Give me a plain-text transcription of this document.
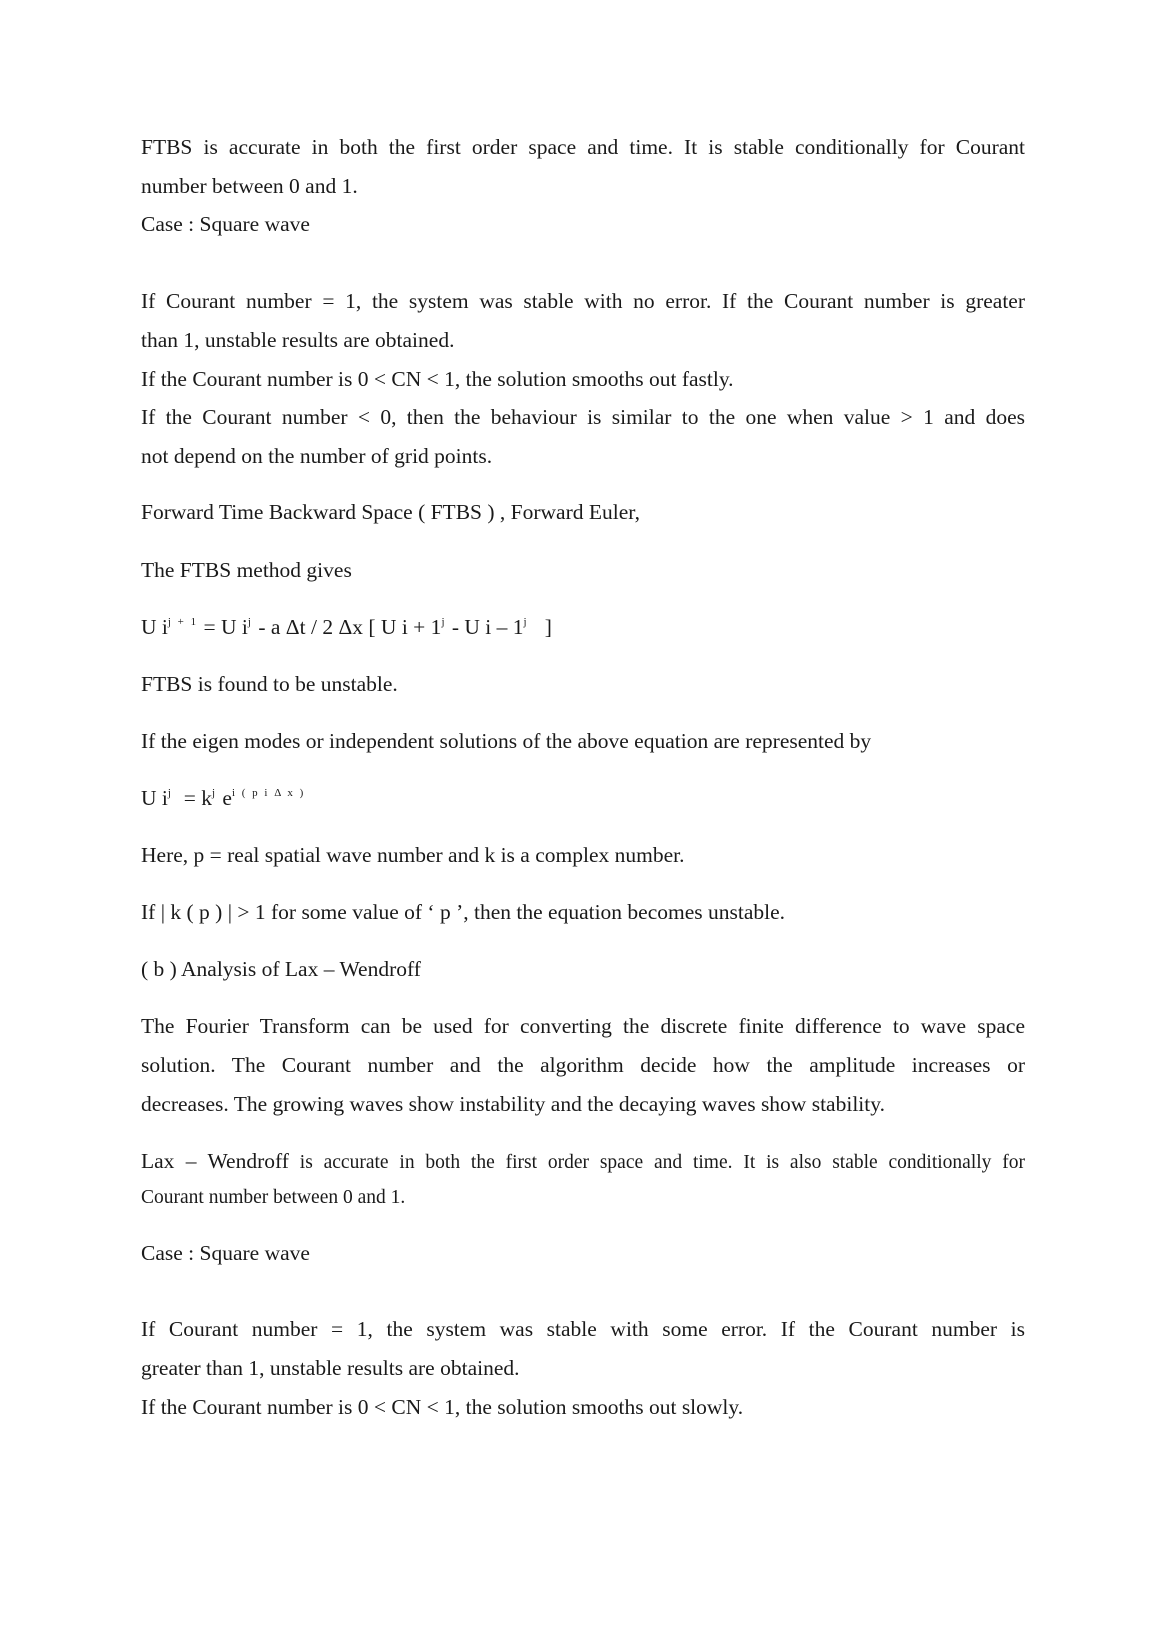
FTBS is accurate in both the first order space and time. It is stable conditionally for Courant
number between 0 and 1.
Case : Square wave
If Courant number = 1, the system was stable with no error. If the Courant number is greater
than 1, unstable results are obtained.
If the Courant number is 0 < CN < 1, the solution smooths out fastly.
If the Courant number < 0, then the behaviour is similar to the one when value > 1 and does
not depend on the number of grid points.
Forward Time Backward Space ( FTBS ) , Forward Euler,
The FTBS method gives
U $i^{j + 1} = U$ $i^j$ - a Δt / 2 Δx [ U $i + 1^j - U$ i – 1$^j$   ]
FTBS is found to be unstable.
If the eigen modes or independent solutions of the above equation are represented by
U $i^j = k^j$ $e^{i ( p i \Delta x )}$
Here, p = real spatial wave number and k is a complex number.
If | k ( p ) | > 1 for some value of ‘ p ’, then the equation becomes unstable.
( b ) Analysis of Lax – Wendroff
The Fourier Transform can be used for converting the discrete finite difference to wave space
solution. The Courant number and the algorithm decide how the amplitude increases or
decreases. The growing waves show instability and the decaying waves show stability.
Lax – Wendroff is accurate in both the first order space and time. It is also stable conditionally for
Courant number between 0 and 1.
Case : Square wave
If Courant number = 1, the system was stable with some error. If the Courant number is
greater than 1, unstable results are obtained.
If the Courant number is 0 < CN < 1, the solution smooths out slowly.
